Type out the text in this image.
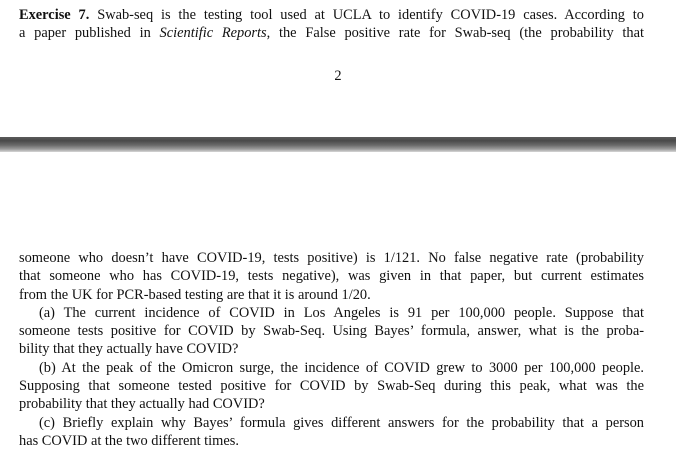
Exercise 7. Swab-seq is the testing tool used at UCLA to identify COVID-19 cases. According to
a paper published in Scientific Reports, the False positive rate for Swab-seq (the probability that
2
someone who doesn’t have COVID-19, tests positive) is 1/121. No false negative rate (probability
that someone who has COVID-19, tests negative), was given in that paper, but current estimates
from the UK for PCR-based testing are that it is around 1/20.
(a) The current incidence of COVID in Los Angeles is 91 per 100,000 people. Suppose that
someone tests positive for COVID by Swab-Seq. Using Bayes’ formula, answer, what is the proba-
bility that they actually have COVID?
(b) At the peak of the Omicron surge, the incidence of COVID grew to 3000 per 100,000 people.
Supposing that someone tested positive for COVID by Swab-Seq during this peak, what was the
probability that they actually had COVID?
(c) Briefly explain why Bayes’ formula gives different answers for the probability that a person
has COVID at the two different times.
